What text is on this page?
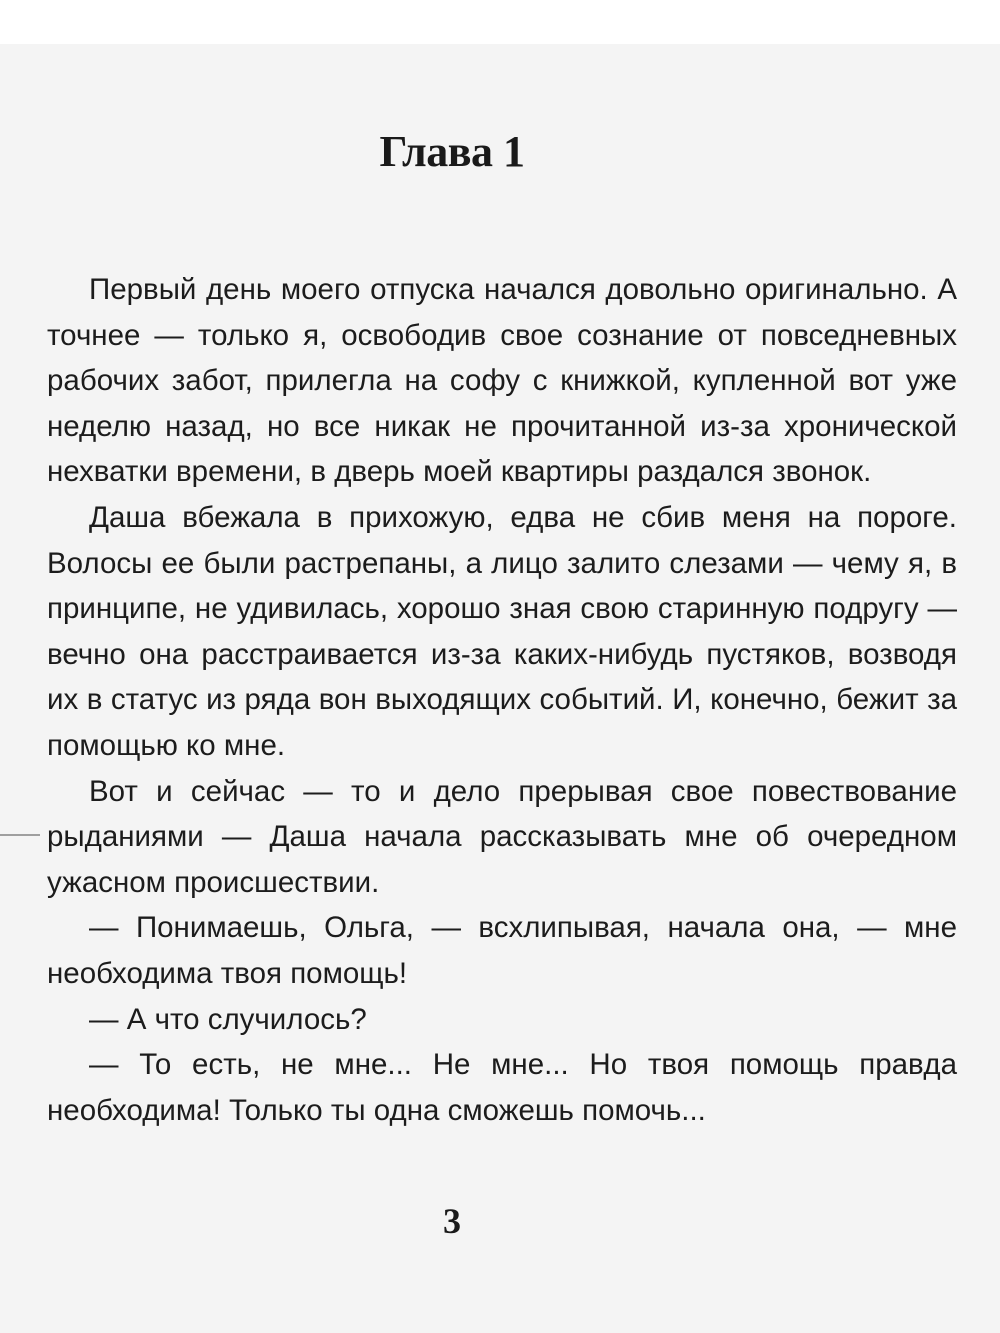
Глава 1

Первый день моего отпуска начался довольно оригинально. А точнее — только я, освободив свое сознание от повседневных рабочих забот, прилегла на софу с книжкой, купленной вот уже неделю назад, но все никак не прочитанной из-за хронической нехватки времени, в дверь моей квартиры раздался звонок.

Даша вбежала в прихожую, едва не сбив меня на пороге. Волосы ее были растрепаны, а лицо залито слезами — чему я, в принципе, не удивилась, хорошо зная свою старинную подругу — вечно она расстраивается из-за каких-нибудь пустяков, возводя их в статус из ряда вон выходящих событий. И, конечно, бежит за помощью ко мне.

Вот и сейчас — то и дело прерывая свое повествование рыданиями — Даша начала рассказывать мне об очередном ужасном происшествии.

— Понимаешь, Ольга, — всхлипывая, начала она, — мне необходима твоя помощь!

— А что случилось?

— То есть, не мне... Не мне... Но твоя помощь правда необходима! Только ты одна сможешь помочь...

3
